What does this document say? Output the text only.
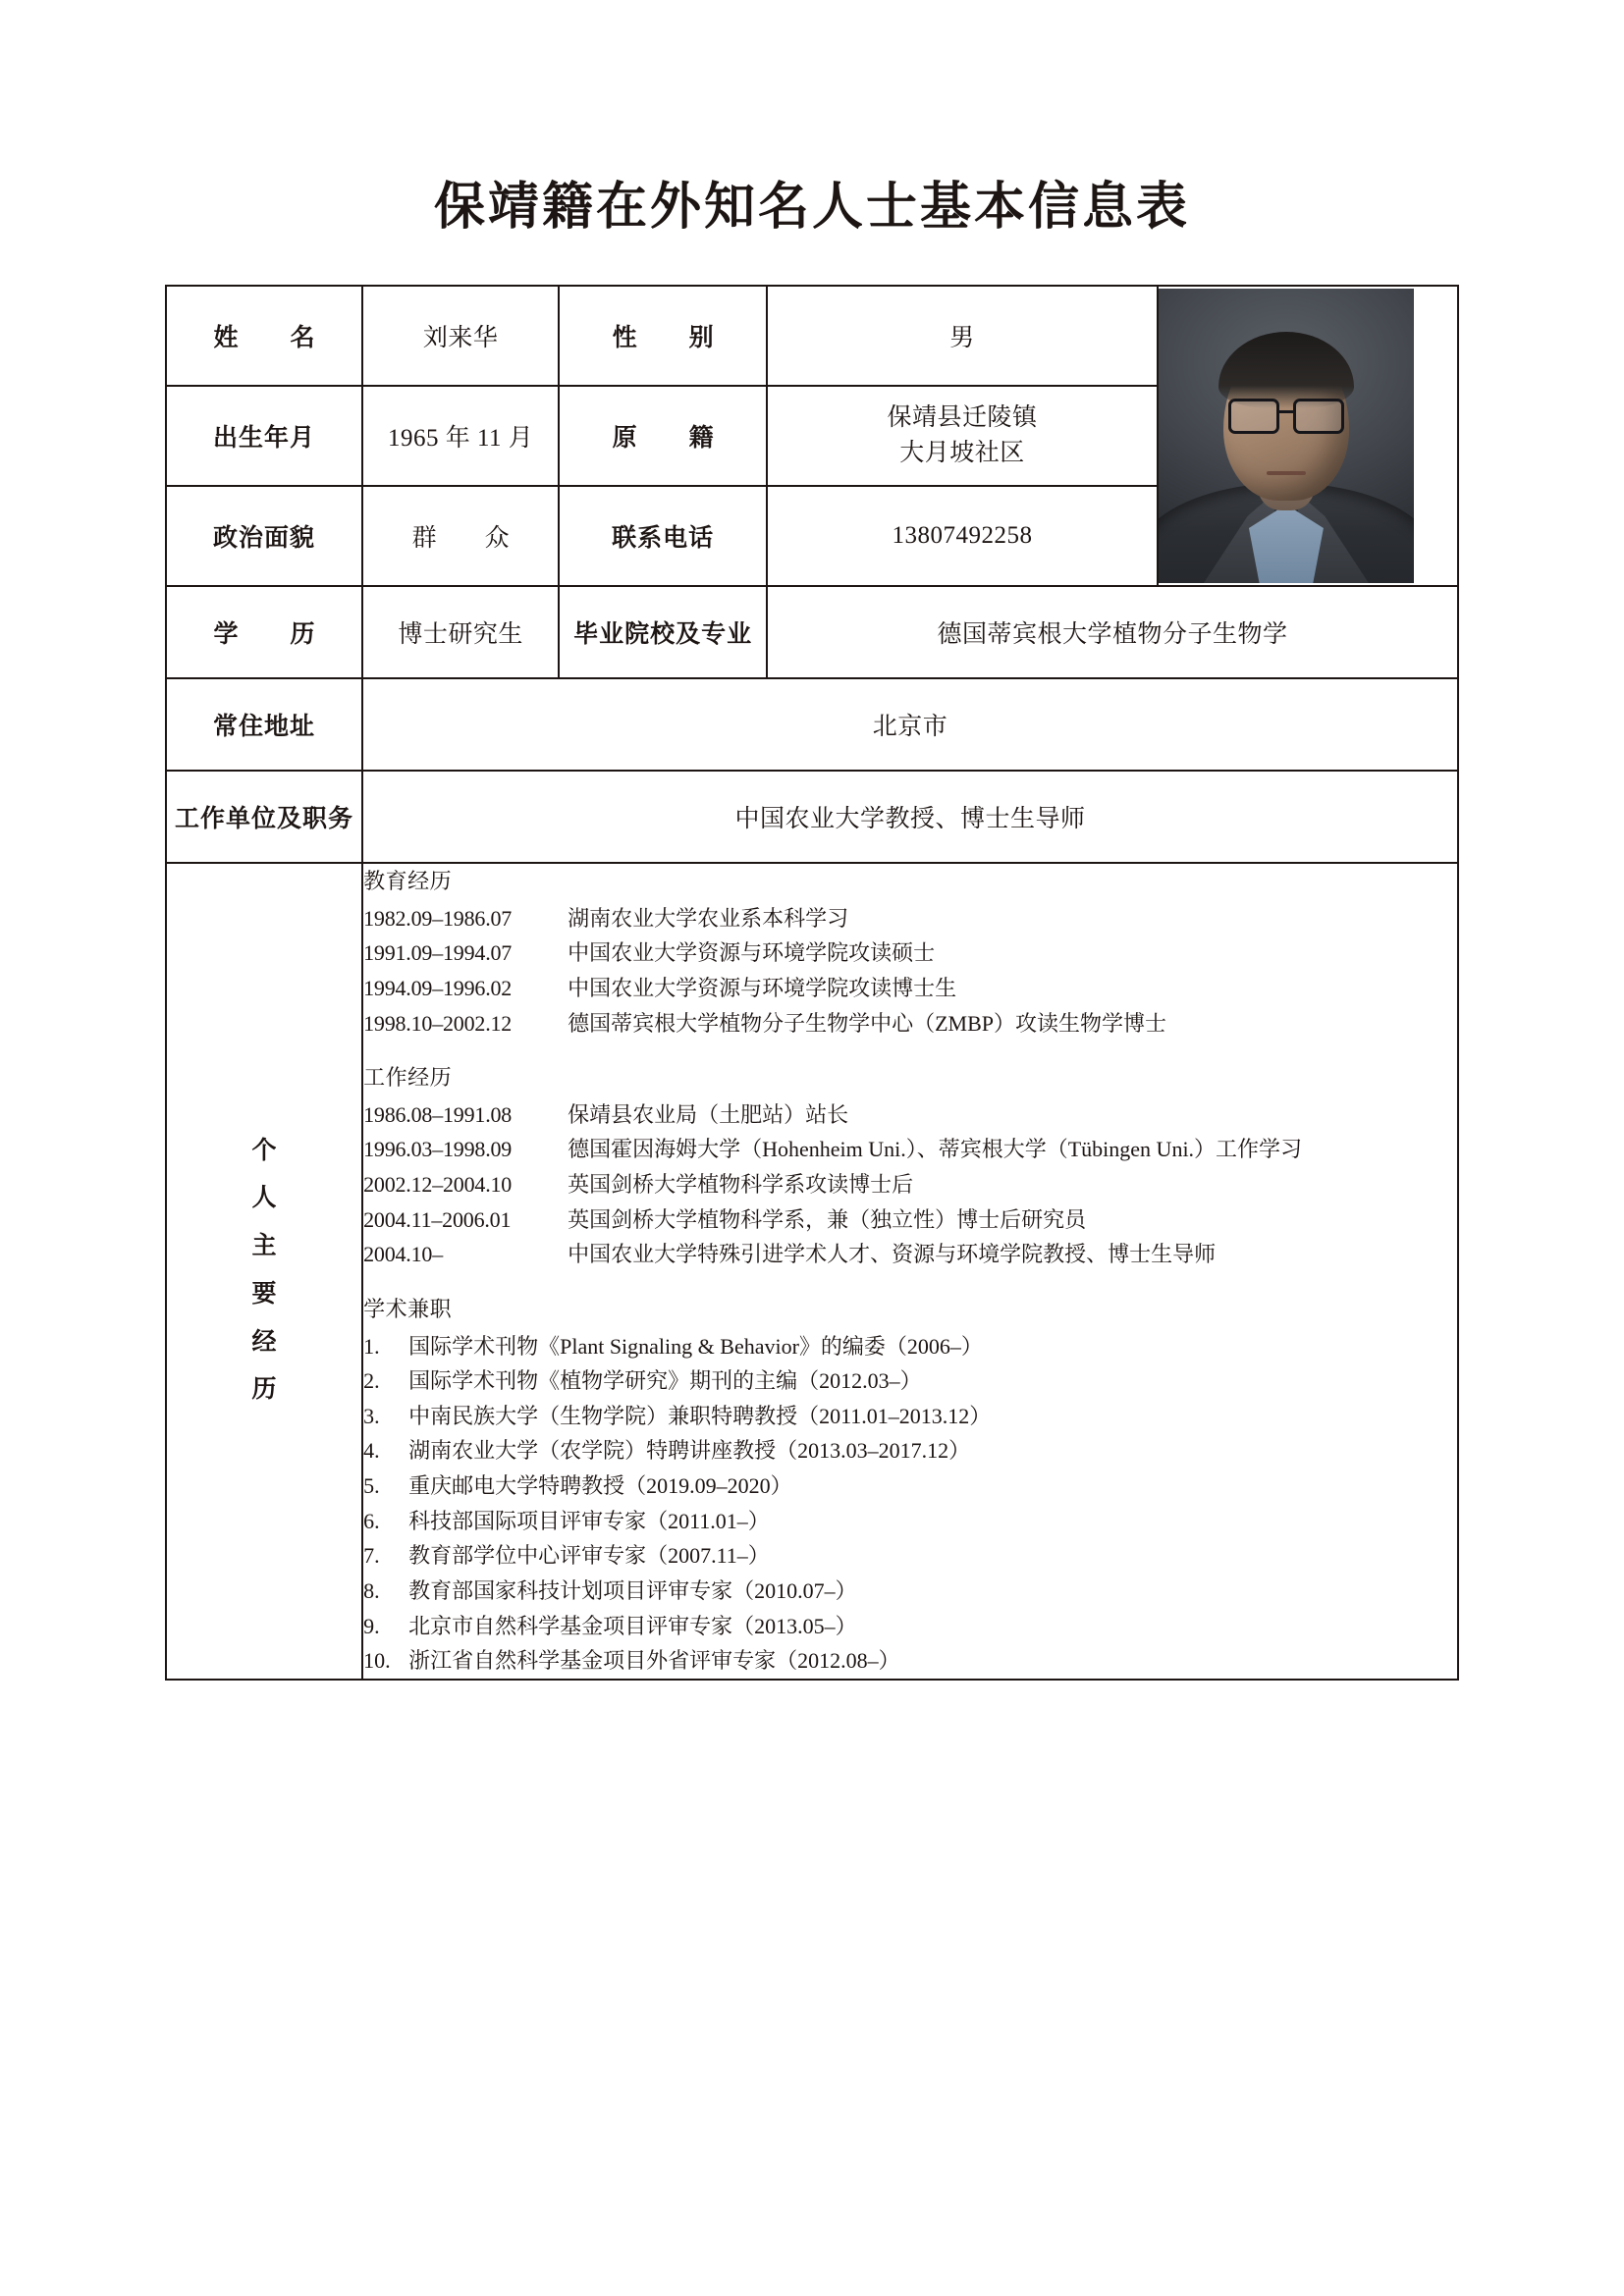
保靖籍在外知名人士基本信息表
姓　名	刘来华	性　别	男	

出生年月	1965 年 11 月	原　籍	保靖县迁陵镇
大月坡社区	

政治面貌	群　众	联系电话	13807492258	
学　历	博士研究生	毕业院校及专业	德国蒂宾根大学植物分子生物学	
常住地址	北京市			
工作单位及职务	中国农业大学教授、博士生导师			

个
人
主
要
经
历

教育经历
1982.09–1986.07	湖南农业大学农业系本科学习
1991.09–1994.07	中国农业大学资源与环境学院攻读硕士
1994.09–1996.02	中国农业大学资源与环境学院攻读博士生
1998.10–2002.12	德国蒂宾根大学植物分子生物学中心（ZMBP）攻读生物学博士
工作经历
1986.08–1991.08	保靖县农业局（土肥站）站长
1996.03–1998.09	德国霍因海姆大学（Hohenheim Uni.）、蒂宾根大学（Tübingen Uni.）工作学习
2002.12–2004.10	英国剑桥大学植物科学系攻读博士后
2004.11–2006.01	英国剑桥大学植物科学系，兼（独立性）博士后研究员
2004.10–	中国农业大学特殊引进学术人才、资源与环境学院教授、博士生导师
学术兼职
1.	国际学术刊物《Plant Signaling & Behavior》的编委（2006–）
2.	国际学术刊物《植物学研究》期刊的主编（2012.03–）
3.	中南民族大学（生物学院）兼职特聘教授（2011.01–2013.12）
4.	湖南农业大学（农学院）特聘讲座教授（2013.03–2017.12）
5.	重庆邮电大学特聘教授（2019.09–2020）
6.	科技部国际项目评审专家（2011.01–）
7.	教育部学位中心评审专家（2007.11–）
8.	教育部国家科技计划项目评审专家（2010.07–）
9.	北京市自然科学基金项目评审专家（2013.05–）
10. 浙江省自然科学基金项目外省评审专家（2012.08–）
